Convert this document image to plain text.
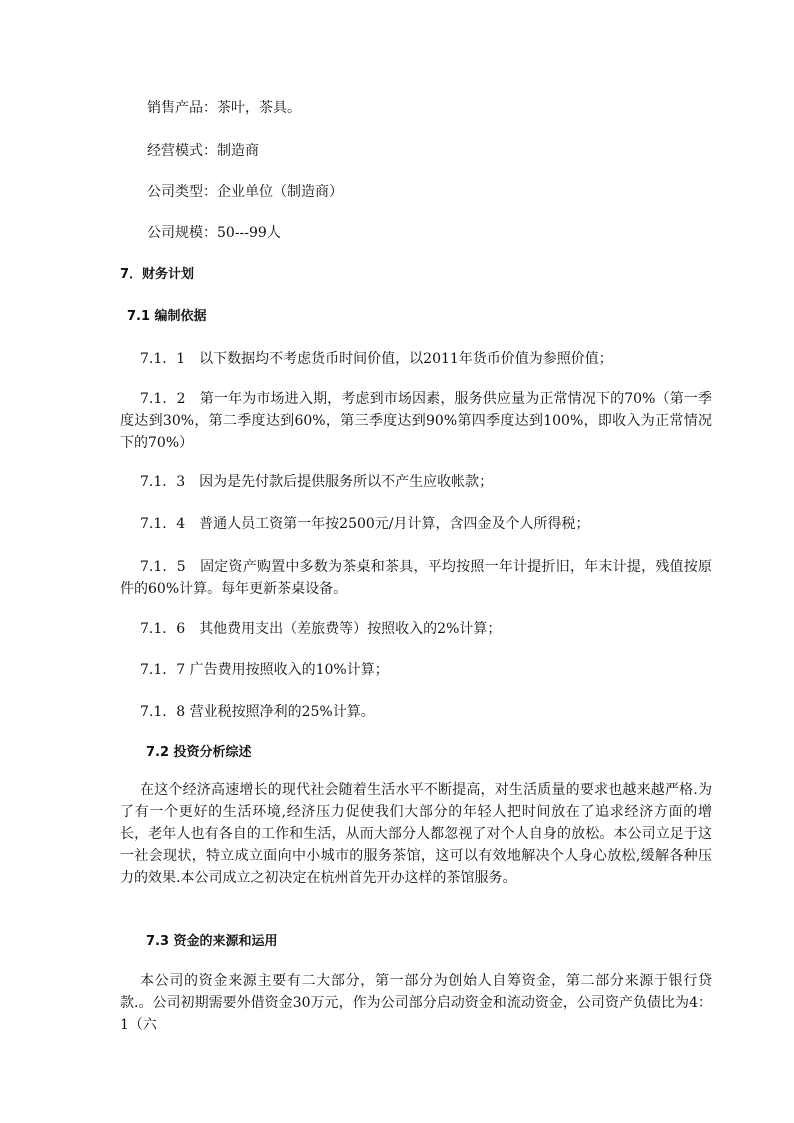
销售产品：茶叶，茶具。
经营模式：制造商
公司类型：企业单位（制造商）
公司规模：50---99人
7．财务计划
7.1 编制依据
7.1．1　以下数据均不考虑货币时间价值，以2011年货币价值为参照价值；

7.1．2　第一年为市场进入期，考虑到市场因素，服务供应量为正常情况下的70%（第一季度达到30%，第二季度达到60%，第三季度达到90%第四季度达到100%，即收入为正常情况下的70%）

7.1．3　因为是先付款后提供服务所以不产生应收帐款；
7.1．4　普通人员工资第一年按2500元/月计算，含四金及个人所得税；

7.1．5　固定资产购置中多数为茶桌和茶具，平均按照一年计提折旧，年末计提，残值按原件的60%计算。每年更新茶桌设备。

7.1．6　其他费用支出（差旅费等）按照收入的2%计算；
7.1．7 广告费用按照收入的10%计算；
7.1．8 营业税按照净利的25%计算。
7.2 投资分析综述

在这个经济高速增长的现代社会随着生活水平不断提高，对生活质量的要求也越来越严格.为了有一个更好的生活环境,经济压力促使我们大部分的年轻人把时间放在了追求经济方面的增长，老年人也有各自的工作和生活，从而大部分人都忽视了对个人自身的放松。本公司立足于这一社会现状，特立成立面向中小城市的服务茶馆，这可以有效地解决个人身心放松,缓解各种压力的效果.本公司成立之初决定在杭州首先开办这样的茶馆服务。

7.3 资金的来源和运用

本公司的资金来源主要有二大部分，第一部分为创始人自筹资金，第二部分来源于银行贷款.。公司初期需要外借资金30万元，作为公司部分启动资金和流动资金，公司资产负债比为4：1（六
